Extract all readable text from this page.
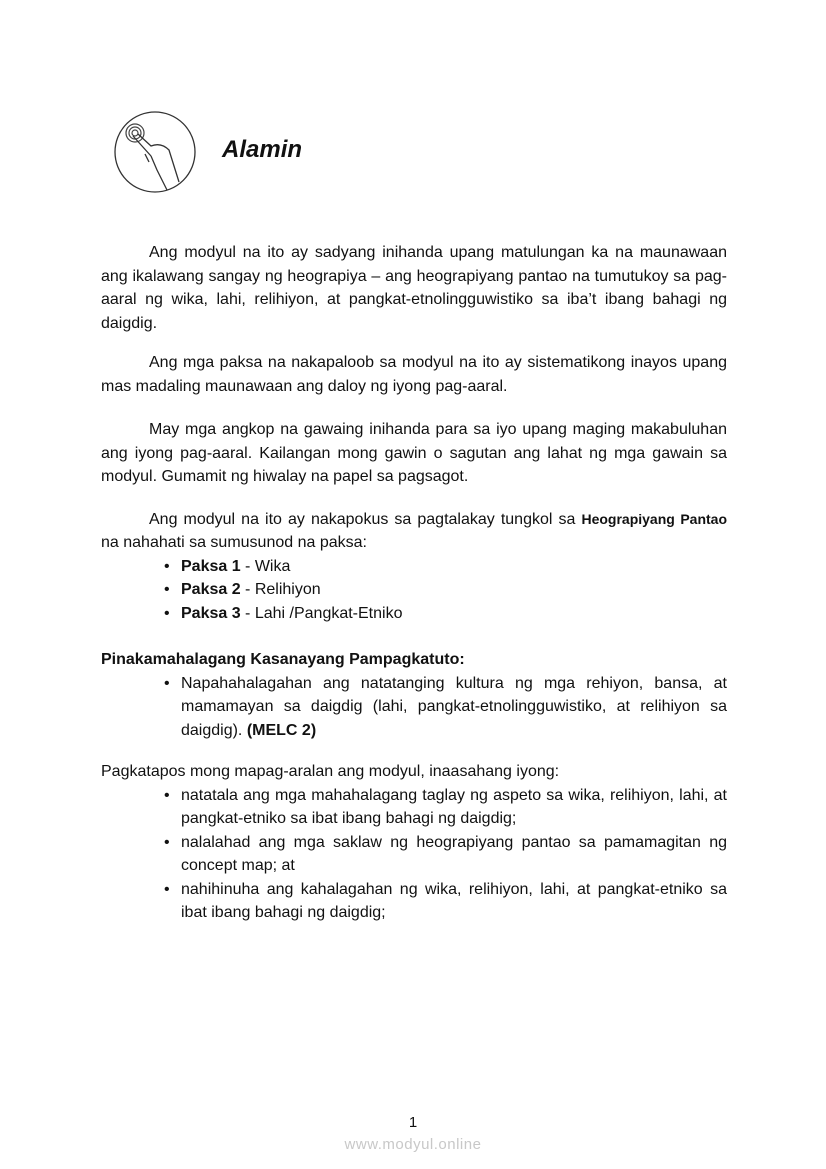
Alamin

Ang modyul na ito ay sadyang inihanda upang matulungan ka na maunawaan ang ikalawang sangay ng heograpiya – ang heograpiyang pantao na tumutukoy sa pag-aaral ng wika, lahi, relihiyon, at pangkat-etnolingguwistiko sa iba’t ibang bahagi ng daigdig.

Ang mga paksa na nakapaloob sa modyul na ito ay sistematikong inayos upang mas madaling maunawaan ang daloy ng iyong pag-aaral.

May mga angkop na gawaing inihanda para sa iyo upang maging makabuluhan ang iyong pag-aaral. Kailangan mong gawin o sagutan ang lahat ng mga gawain sa modyul. Gumamit ng hiwalay na papel sa pagsagot.

Ang modyul na ito ay nakapokus sa pagtalakay tungkol sa Heograpiyang Pantao na nahahati sa sumusunod na paksa:

• Paksa 1 - Wika
• Paksa 2 - Relihiyon
• Paksa 3 - Lahi /Pangkat-Etniko

Pinakamahalagang Kasanayang Pampagkatuto:

• Napahahalagahan ang natatanging kultura ng mga rehiyon, bansa, at mamamayan sa daigdig (lahi, pangkat-etnolingguwistiko, at relihiyon sa daigdig). (MELC 2)

Pagkatapos mong mapag-aralan ang modyul, inaasahang iyong:

• natatala ang mga mahahalagang taglay ng aspeto sa wika, relihiyon, lahi, at pangkat-etniko sa ibat ibang bahagi ng daigdig;
• nalalahad ang mga saklaw ng heograpiyang pantao sa pamamagitan ng concept map; at
• nahihinuha ang kahalagahan ng wika, relihiyon, lahi, at pangkat-etniko sa ibat ibang bahagi ng daigdig;
1
www.modyul.online
